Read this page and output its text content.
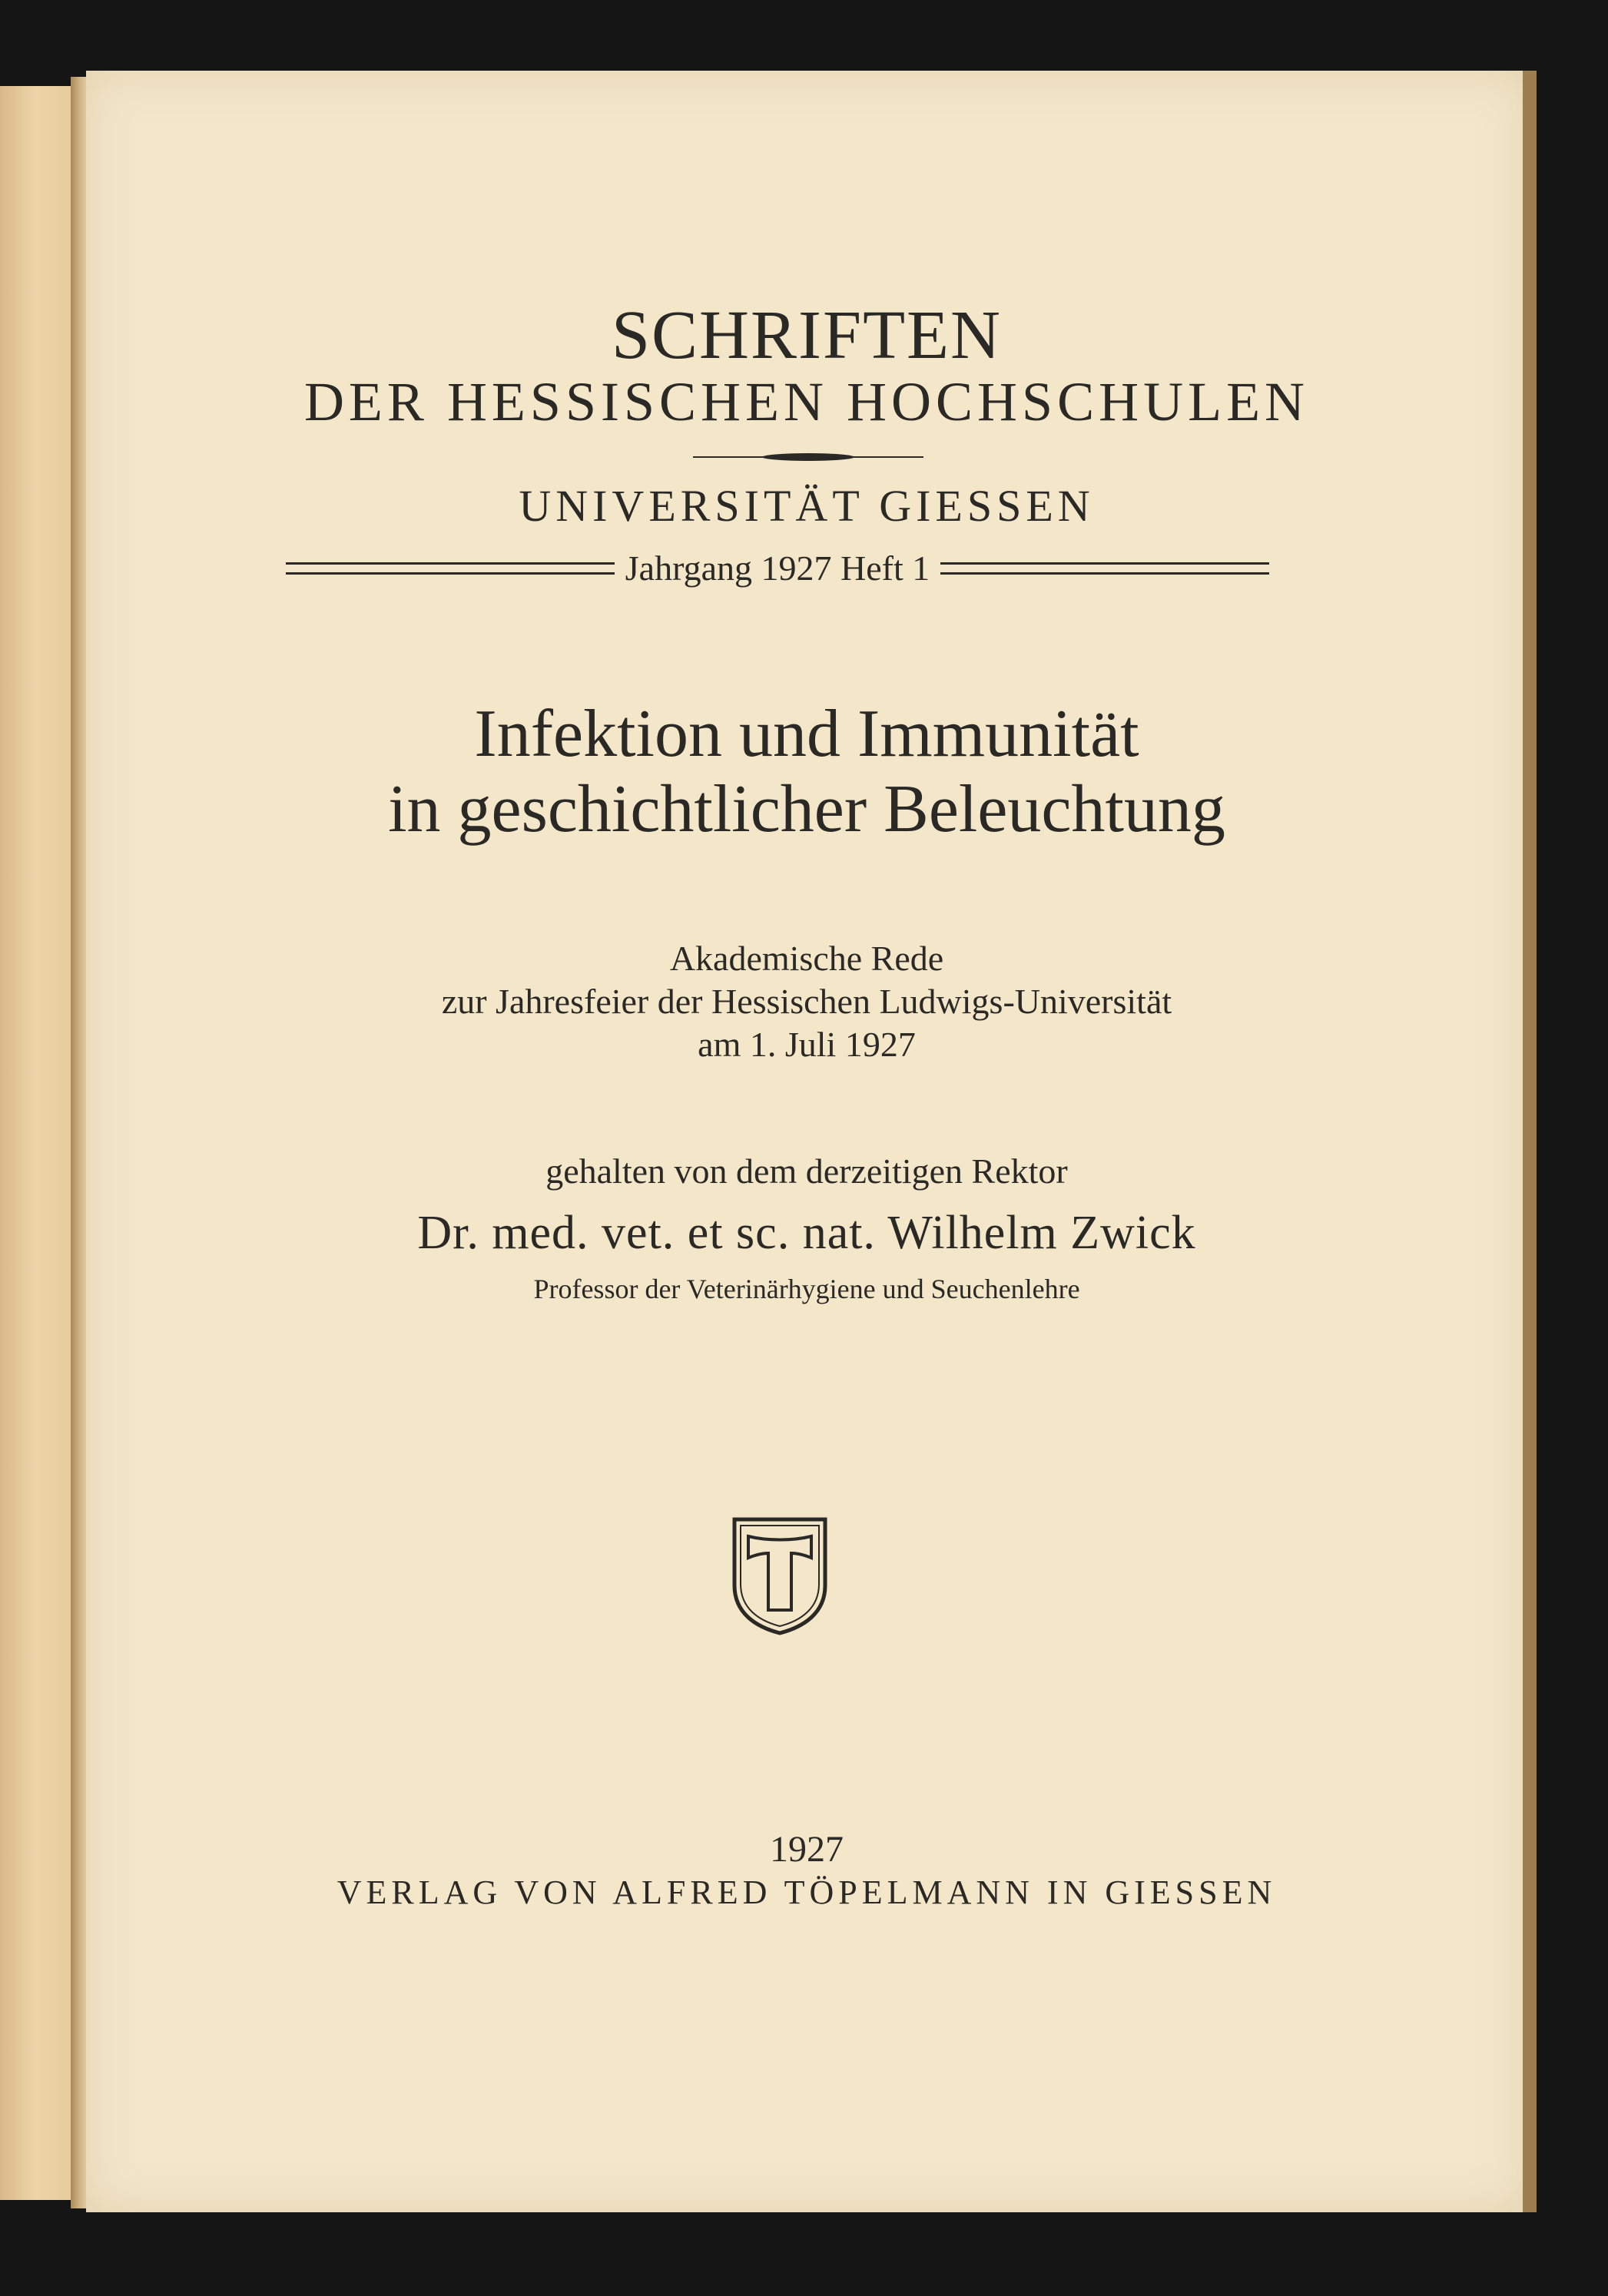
SCHRIFTEN
DER HESSISCHEN HOCHSCHULEN
UNIVERSITÄT GIESSEN
Jahrgang 1927 Heft 1
Infektion und Immunität
in geschichtlicher Beleuchtung
Akademische Rede
zur Jahresfeier der Hessischen Ludwigs-Universität
am 1. Juli 1927
gehalten von dem derzeitigen Rektor
Dr. med. vet. et sc. nat. Wilhelm Zwick
Professor der Veterinärhygiene und Seuchenlehre
1927
VERLAG VON ALFRED TÖPELMANN IN GIESSEN
